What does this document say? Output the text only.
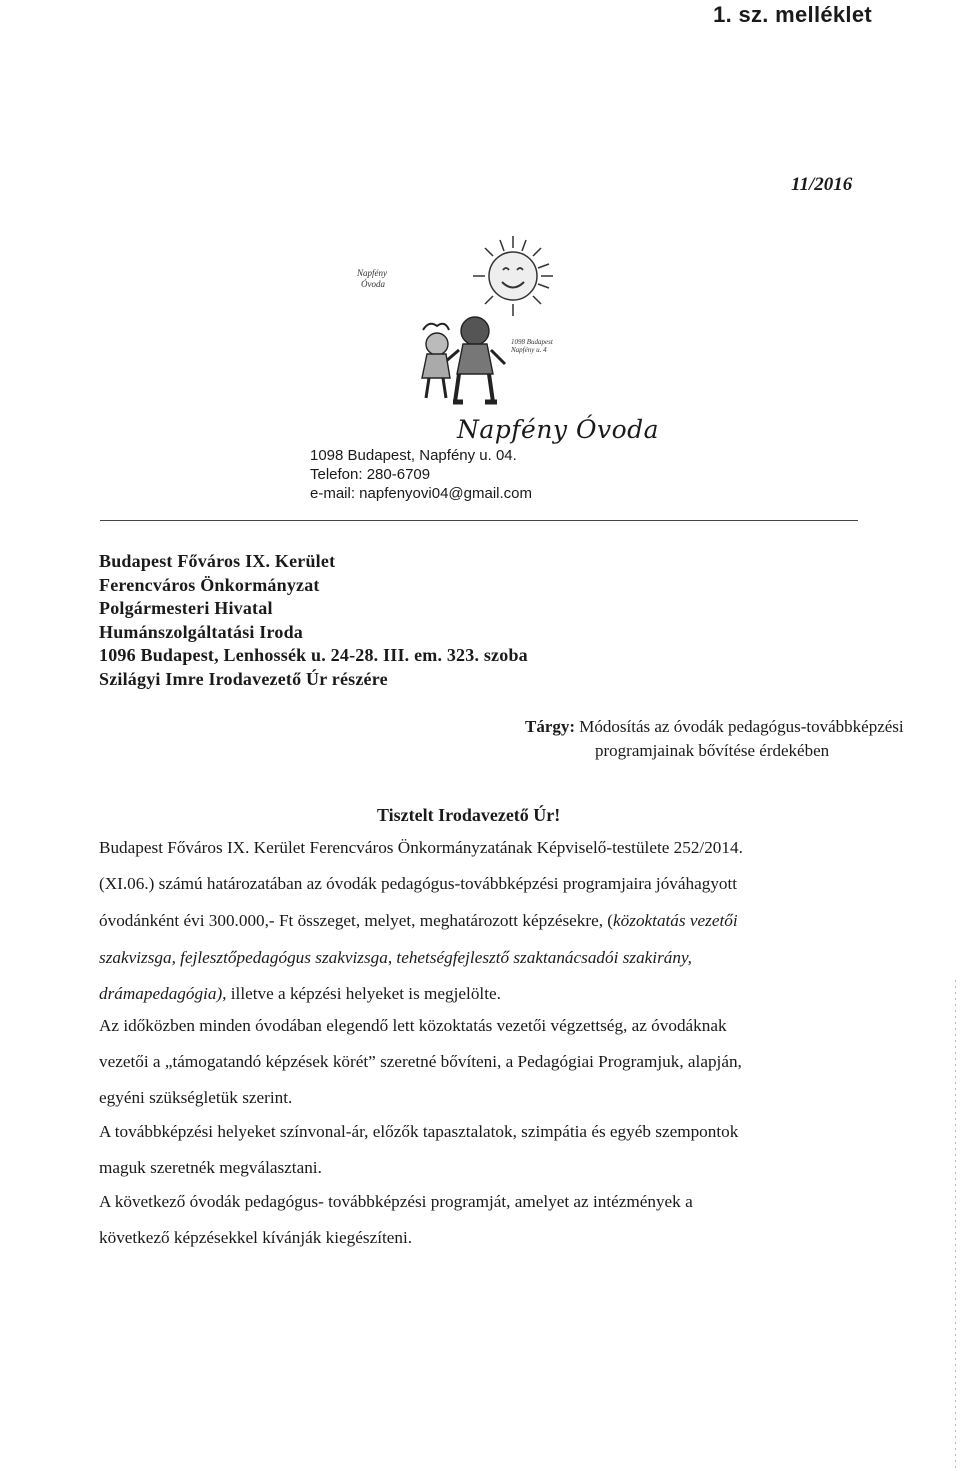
1. sz. melléklet
11/2016
Napfény
Óvoda
1098 Budapest
Napfény u. 4
Napfény Óvoda
1098 Budapest, Napfény u. 04.
Telefon: 280-6709
e-mail: napfenyovi04@gmail.com
Budapest Főváros IX. Kerület
Ferencváros Önkormányzat
Polgármesteri Hivatal
Humánszolgáltatási Iroda
1096 Budapest, Lenhossék u. 24-28. III. em. 323. szoba
Szilágyi Imre Irodavezető Úr részére
Tárgy: Módosítás az óvodák pedagógus-továbbképzési
programjainak bővítése érdekében
Tisztelt Irodavezető Úr!
Budapest Főváros IX. Kerület Ferencváros Önkormányzatának Képviselő-testülete 252/2014.
(XI.06.) számú határozatában az óvodák pedagógus-továbbképzési programjaira jóváhagyott
óvodánként évi 300.000,- Ft összeget, melyet, meghatározott képzésekre, (közoktatás vezetői
szakvizsga, fejlesztőpedagógus szakvizsga, tehetségfejlesztő szaktanácsadói szakirány,
drámapedagógia), illetve a képzési helyeket is megjelölte.
Az időközben minden óvodában elegendő lett közoktatás vezetői végzettség, az óvodáknak
vezetői a „támogatandó képzések körét” szeretné bővíteni, a Pedagógiai Programjuk, alapján,
egyéni szükségletük szerint.
A továbbképzési helyeket színvonal-ár, előzők tapasztalatok, szimpátia és egyéb szempontok
maguk szeretnék megválasztani.
A következő óvodák pedagógus- továbbképzési programját, amelyet az intézmények a
következő képzésekkel kívánják kiegészíteni.
